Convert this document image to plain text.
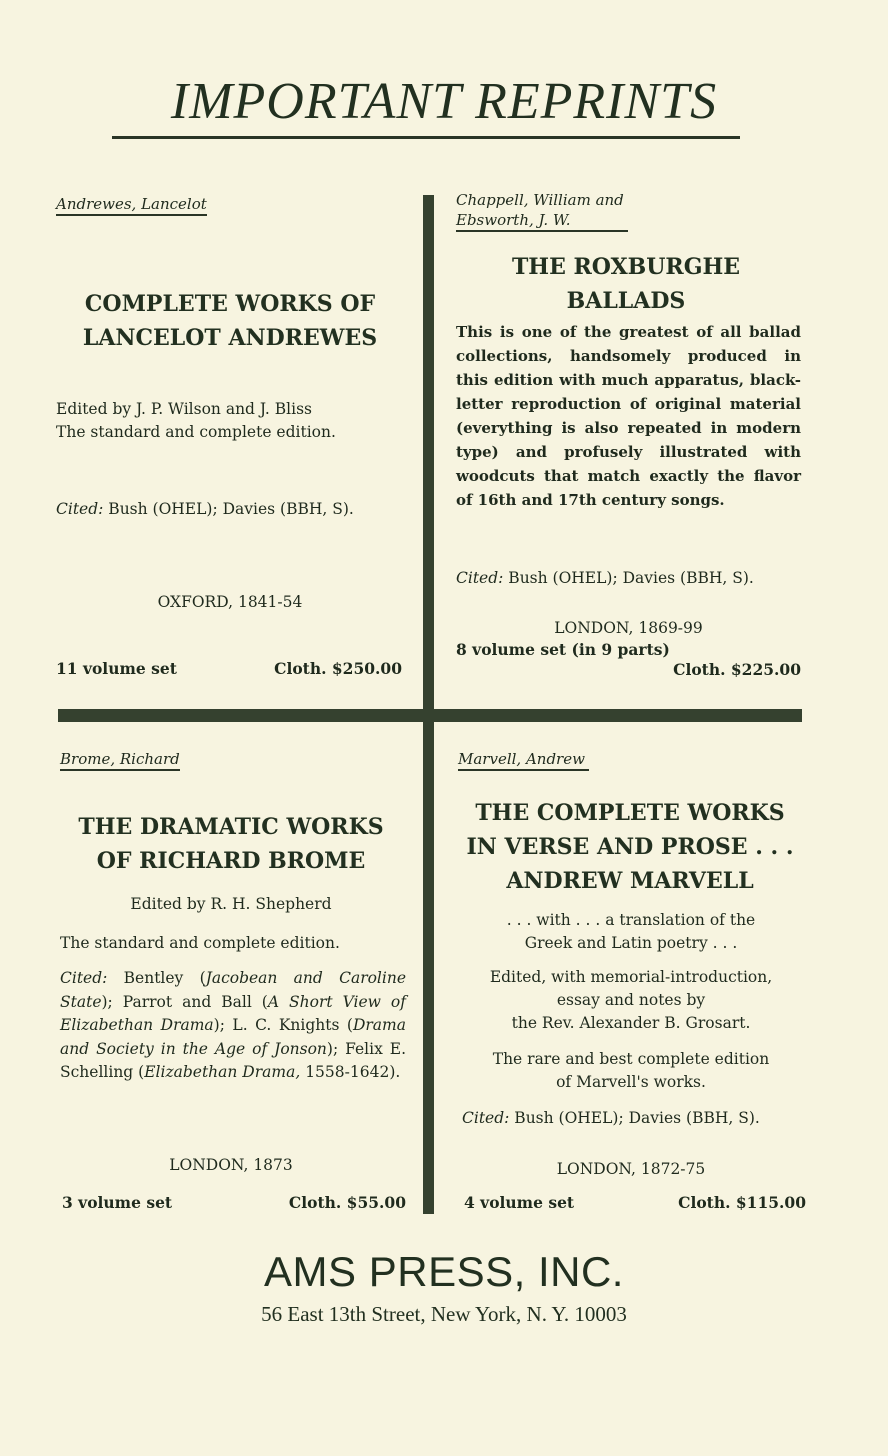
IMPORTANT REPRINTS
Andrewes, Lancelot
COMPLETE WORKS OF
LANCELOT ANDREWES
Edited by J. P. Wilson and J. Bliss
The standard and complete edition.
Cited: Bush (OHEL); Davies (BBH, S).
OXFORD, 1841-54
11 volume set	Cloth. $250.00
Chappell, William and
Ebsworth, J. W.
THE ROXBURGHE
BALLADS
This is one of the greatest of all ballad collections, handsomely produced in this edition with much apparatus, black-letter reproduction of original material (everything is also repeated in modern type) and profusely illustrated with woodcuts that match exactly the flavor of 16th and 17th century songs.
Cited: Bush (OHEL); Davies (BBH, S).
LONDON, 1869-99
8 volume set (in 9 parts)
Cloth. $225.00
Brome, Richard
THE DRAMATIC WORKS
OF RICHARD BROME
Edited by R. H. Shepherd
The standard and complete edition.
Cited: Bentley (Jacobean and Caroline State); Parrot and Ball (A Short View of Elizabethan Drama); L. C. Knights (Drama and Society in the Age of Jonson); Felix E. Schelling (Elizabethan Drama, 1558-1642).
LONDON, 1873
3 volume set	Cloth. $55.00
Marvell, Andrew
THE COMPLETE WORKS
IN VERSE AND PROSE . . .
ANDREW MARVELL
. . . with . . . a translation of the
Greek and Latin poetry . . .
Edited, with memorial-introduction,
essay and notes by
the Rev. Alexander B. Grosart.
The rare and best complete edition
of Marvell's works.
Cited: Bush (OHEL); Davies (BBH, S).
LONDON, 1872-75
4 volume set	Cloth. $115.00
AMS PRESS, INC.
56 East 13th Street, New York, N. Y. 10003
